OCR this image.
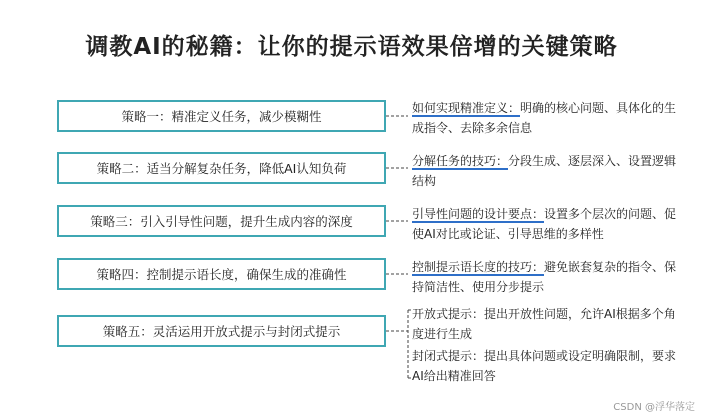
调教AI的秘籍：让你的提示语效果倍增的关键策略
策略一：精准定义任务，减少模糊性
策略二：适当分解复杂任务，降低AI认知负荷
策略三：引入引导性问题，提升生成内容的深度
策略四：控制提示语长度，确保生成的准确性
策略五：灵活运用开放式提示与封闭式提示
如何实现精准定义：明确的核心问题、具体化的生成指令、去除多余信息
分解任务的技巧：分段生成、逐层深入、设置逻辑结构
引导性问题的设计要点：设置多个层次的问题、促使AI对比或论证、引导思维的多样性
控制提示语长度的技巧：避免嵌套复杂的指令、保持简洁性、使用分步提示
开放式提示：提出开放性问题，允许AI根据多个角度进行生成
封闭式提示：提出具体问题或设定明确限制，要求AI给出精准回答
CSDN @浮华落定
